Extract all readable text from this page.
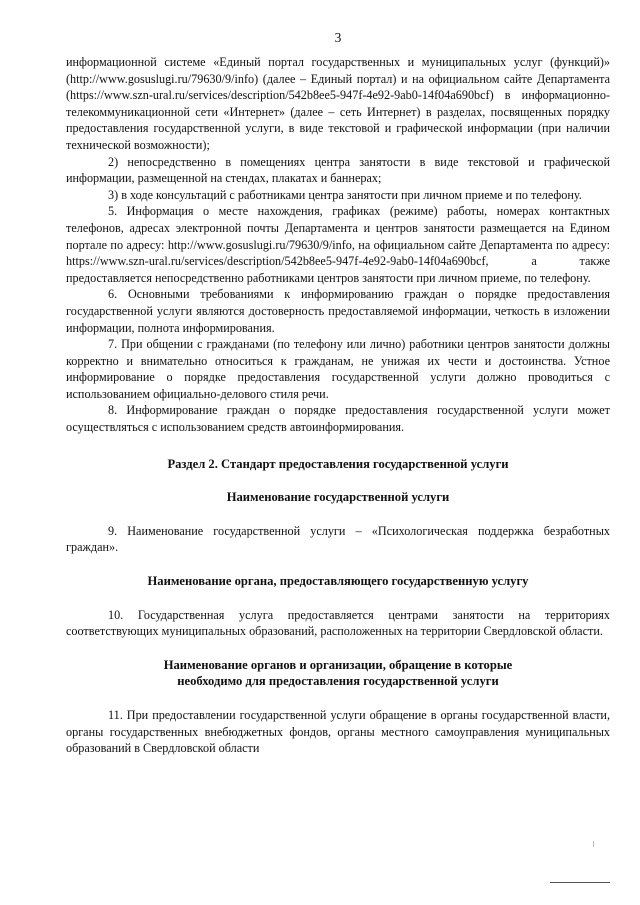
3

информационной системе «Единый портал государственных и муниципальных услуг (функций)» (http://www.gosuslugi.ru/79630/9/info) (далее – Единый портал) и на официальном сайте Департамента (https://www.szn-ural.ru/services/description/542b8ee5-947f-4e92-9ab0-14f04a690bcf) в информационно-телекоммуникационной сети «Интернет» (далее – сеть Интернет) в разделах, посвященных порядку предоставления государственной услуги, в виде текстовой и графической информации (при наличии технической возможности);

2) непосредственно в помещениях центра занятости в виде текстовой и графической информации, размещенной на стендах, плакатах и баннерах;

3) в ходе консультаций с работниками центра занятости при личном приеме и по телефону.

5. Информация о месте нахождения, графиках (режиме) работы, номерах контактных телефонов, адресах электронной почты Департамента и центров занятости размещается на Едином портале по адресу: http://www.gosuslugi.ru/79630/9/info, на официальном сайте Департамента по адресу: https://www.szn-ural.ru/services/description/542b8ee5-947f-4e92-9ab0-14f04a690bcf, а также предоставляется непосредственно работниками центров занятости при личном приеме, по телефону.

6. Основными требованиями к информированию граждан о порядке предоставления государственной услуги являются достоверность предоставляемой информации, четкость в изложении информации, полнота информирования.

7. При общении с гражданами (по телефону или лично) работники центров занятости должны корректно и внимательно относиться к гражданам, не унижая их чести и достоинства. Устное информирование о порядке предоставления государственной услуги должно проводиться с использованием официально-делового стиля речи.

8. Информирование граждан о порядке предоставления государственной услуги может осуществляться с использованием средств автоинформирования.

Раздел 2. Стандарт предоставления государственной услуги
Наименование государственной услуги

9. Наименование государственной услуги – «Психологическая поддержка безработных граждан».

Наименование органа, предоставляющего государственную услугу

10. Государственная услуга предоставляется центрами занятости на территориях соответствующих муниципальных образований, расположенных на территории Свердловской области.

Наименование органов и организации, обращение в которые
необходимо для предоставления государственной услуги

11. При предоставлении государственной услуги обращение в органы государственной власти, органы государственных внебюджетных фондов, органы местного самоуправления муниципальных образований в Свердловской области
